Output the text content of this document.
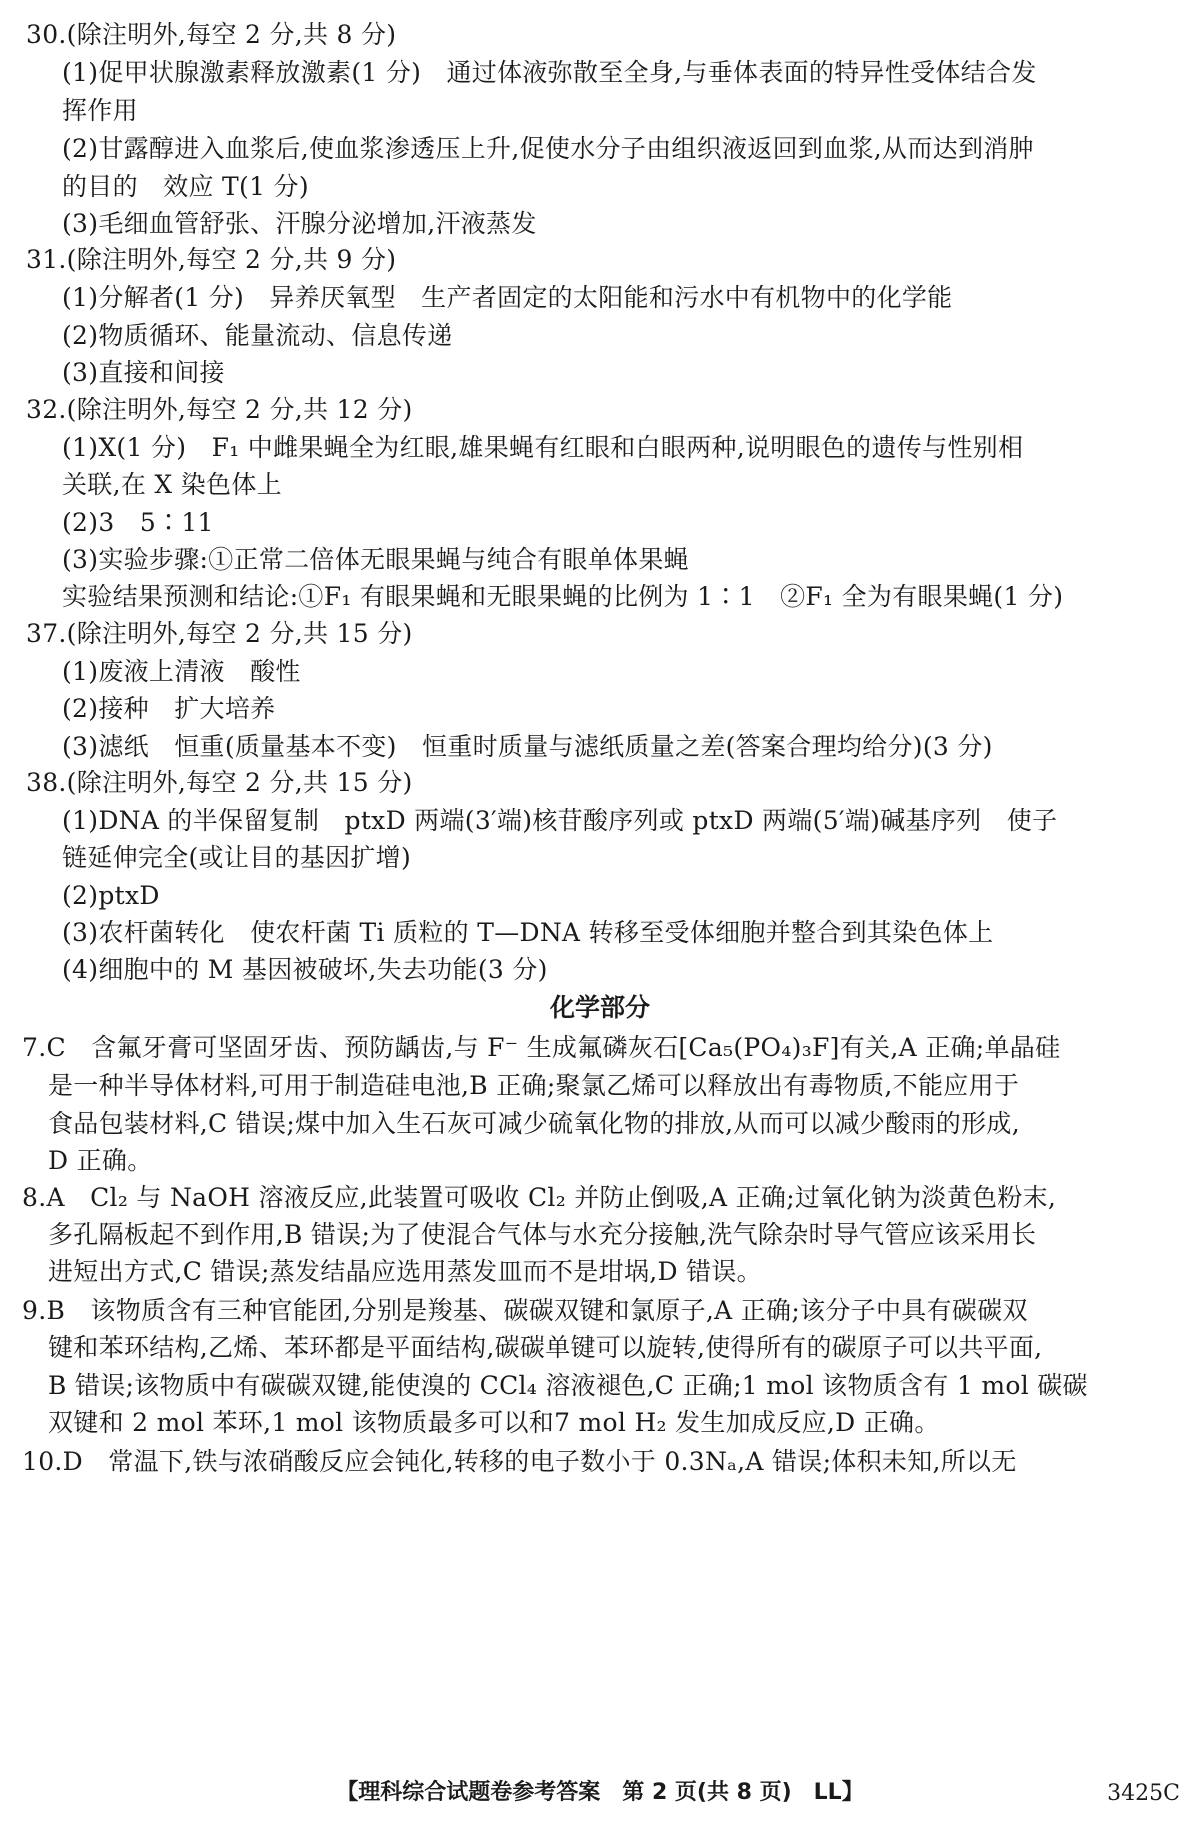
30.(除注明外,每空 2 分,共 8 分)
(1)促甲状腺激素释放激素(1 分)　通过体液弥散至全身,与垂体表面的特异性受体结合发
挥作用
(2)甘露醇进入血浆后,使血浆渗透压上升,促使水分子由组织液返回到血浆,从而达到消肿
的目的　效应 T(1 分)
(3)毛细血管舒张、汗腺分泌增加,汗液蒸发
31.(除注明外,每空 2 分,共 9 分)
(1)分解者(1 分)　异养厌氧型　生产者固定的太阳能和污水中有机物中的化学能
(2)物质循环、能量流动、信息传递
(3)直接和间接
32.(除注明外,每空 2 分,共 12 分)
(1)X(1 分)　F₁ 中雌果蝇全为红眼,雄果蝇有红眼和白眼两种,说明眼色的遗传与性别相
关联,在 X 染色体上
(2)3　5∶11
(3)实验步骤:①正常二倍体无眼果蝇与纯合有眼单体果蝇
实验结果预测和结论:①F₁ 有眼果蝇和无眼果蝇的比例为 1∶1　②F₁ 全为有眼果蝇(1 分)
37.(除注明外,每空 2 分,共 15 分)
(1)废液上清液　酸性
(2)接种　扩大培养
(3)滤纸　恒重(质量基本不变)　恒重时质量与滤纸质量之差(答案合理均给分)(3 分)
38.(除注明外,每空 2 分,共 15 分)
(1)DNA 的半保留复制　ptxD 两端(3′端)核苷酸序列或 ptxD 两端(5′端)碱基序列　使子
链延伸完全(或让目的基因扩增)
(2)ptxD
(3)农杆菌转化　使农杆菌 Ti 质粒的 T—DNA 转移至受体细胞并整合到其染色体上
(4)细胞中的 M 基因被破坏,失去功能(3 分)
化学部分
7.C　含氟牙膏可坚固牙齿、预防龋齿,与 F⁻ 生成氟磷灰石[Ca₅(PO₄)₃F]有关,A 正确;单晶硅
是一种半导体材料,可用于制造硅电池,B 正确;聚氯乙烯可以释放出有毒物质,不能应用于
食品包装材料,C 错误;煤中加入生石灰可减少硫氧化物的排放,从而可以减少酸雨的形成,
D 正确。
8.A　Cl₂ 与 NaOH 溶液反应,此装置可吸收 Cl₂ 并防止倒吸,A 正确;过氧化钠为淡黄色粉末,
多孔隔板起不到作用,B 错误;为了使混合气体与水充分接触,洗气除杂时导气管应该采用长
进短出方式,C 错误;蒸发结晶应选用蒸发皿而不是坩埚,D 错误。
9.B　该物质含有三种官能团,分别是羧基、碳碳双键和氯原子,A 正确;该分子中具有碳碳双
键和苯环结构,乙烯、苯环都是平面结构,碳碳单键可以旋转,使得所有的碳原子可以共平面,
B 错误;该物质中有碳碳双键,能使溴的 CCl₄ 溶液褪色,C 正确;1 mol 该物质含有 1 mol 碳碳
双键和 2 mol 苯环,1 mol 该物质最多可以和7 mol H₂ 发生加成反应,D 正确。
10.D　常温下,铁与浓硝酸反应会钝化,转移的电子数小于 0.3Nₐ,A 错误;体积未知,所以无
【理科综合试题卷参考答案　第 2 页(共 8 页)　LL】	3425C
